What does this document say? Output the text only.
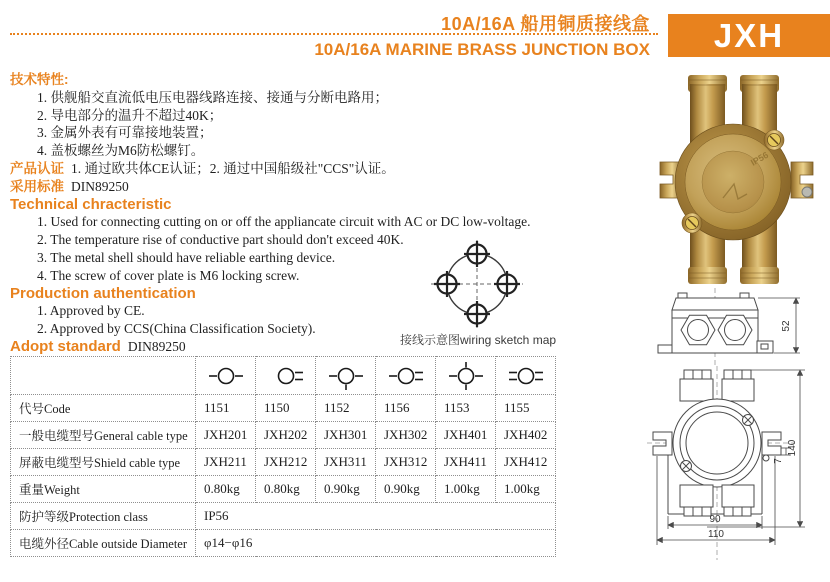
10A/16A 船用铜质接线盒
10A/16A MARINE BRASS JUNCTION BOX	JXH
技术特性:
1. 供舰船交直流低电压电器线路连接、接通与分断电路用；
2. 导电部分的温升不超过40K；
3. 金属外表有可靠接地装置；
4. 盖板螺丝为M6防松螺钉。
产品认证 1. 通过欧共体CE认证；2. 通过中国船级社"CCS"认证。
采用标准 DIN89250
Technical chracteristic
1. Used for connecting cutting on or off the appliancate circuit with AC or DC low-voltage.
2. The temperature rise of conductive part should don't exceed 40K.
3. The metal shell should have reliable earthing device.
4. The screw of cover plate is M6 locking screw.
Production authentication
1. Approved by CE.
2. Approved by CCS(China Classification Society).
Adopt standard DIN89250	接线示意图wiring sketch map

代号Code	1151	1150	1152	1156	1153	1155
一般电缆型号General cable type	JXH201	JXH202	JXH301	JXH302	JXH401	JXH402
屏蔽电缆型号Shield cable type	JXH211	JXH212	JXH311	JXH312	JXH411	JXH412
重量Weight	0.80kg	0.80kg	0.90kg	0.90kg	1.00kg	1.00kg
防护等级Protection class	IP56					
电缆外径Cable outside Diameter	φ14−φ16					
IP56
52
140
7
90
110
